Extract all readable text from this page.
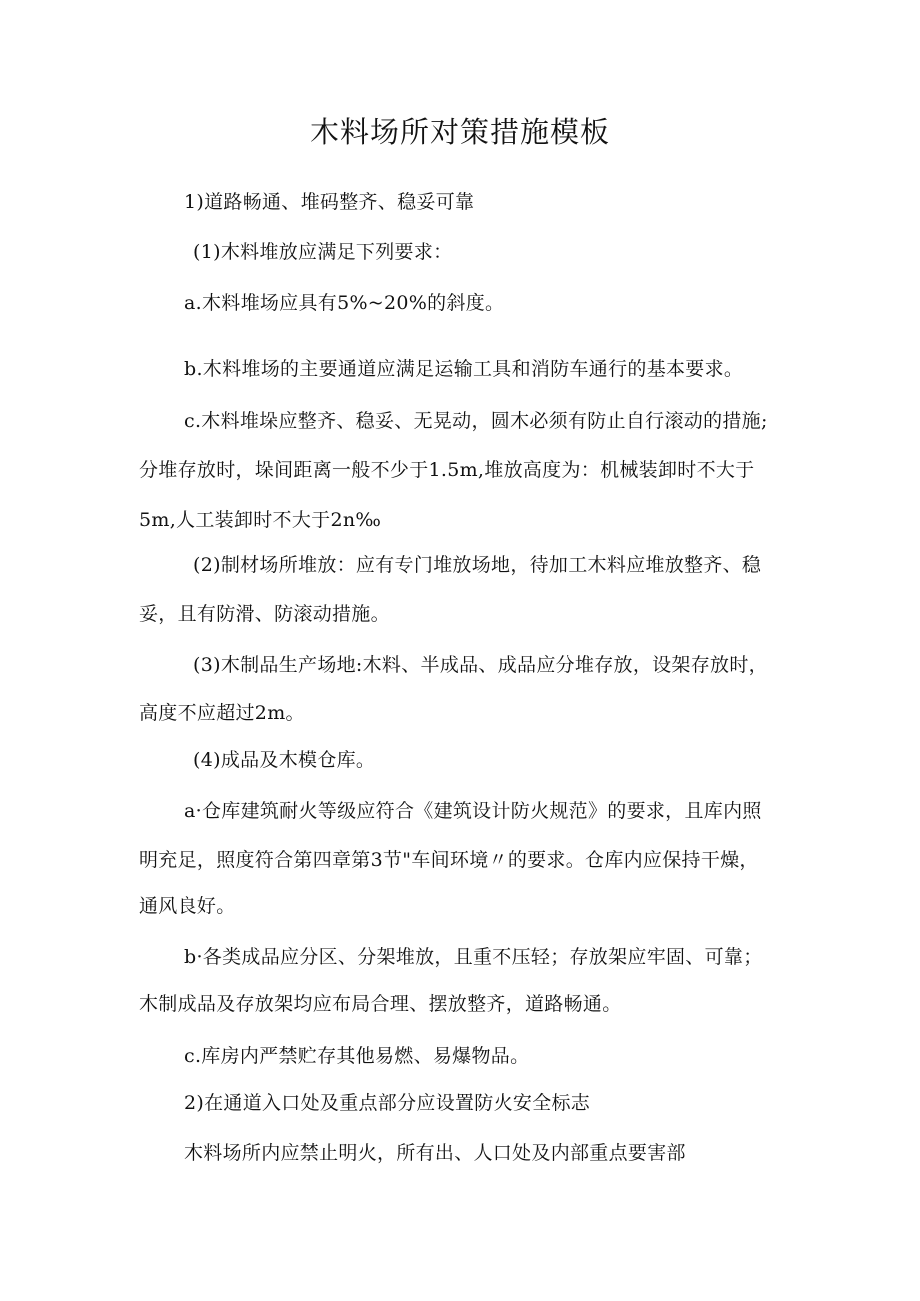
木料场所对策措施模板
1)道路畅通、堆码整齐、稳妥可靠
(1)木料堆放应满足下列要求：
a.木料堆场应具有5%~20%的斜度。
b.木料堆场的主要通道应满足运输工具和消防车通行的基本要求。
c.木料堆垛应整齐、稳妥、无晃动，圆木必须有防止自行滚动的措施;
分堆存放时，垛间距离一般不少于1.5m,堆放高度为：机械装卸时不大于
5m,人工装卸时不大于2n‰
(2)制材场所堆放：应有专门堆放场地，待加工木料应堆放整齐、稳
妥，且有防滑、防滚动措施。
(3)木制品生产场地:木料、半成品、成品应分堆存放，设架存放时，
高度不应超过2m。
(4)成品及木模仓库。
a·仓库建筑耐火等级应符合《建筑设计防火规范》的要求，且库内照
明充足，照度符合第四章第3节"车间环境〃的要求。仓库内应保持干燥，
通风良好。
b·各类成品应分区、分架堆放，且重不压轻；存放架应牢固、可靠；
木制成品及存放架均应布局合理、摆放整齐，道路畅通。
c.库房内严禁贮存其他易燃、易爆物品。
2)在通道入口处及重点部分应设置防火安全标志
木料场所内应禁止明火，所有出、人口处及内部重点要害部
